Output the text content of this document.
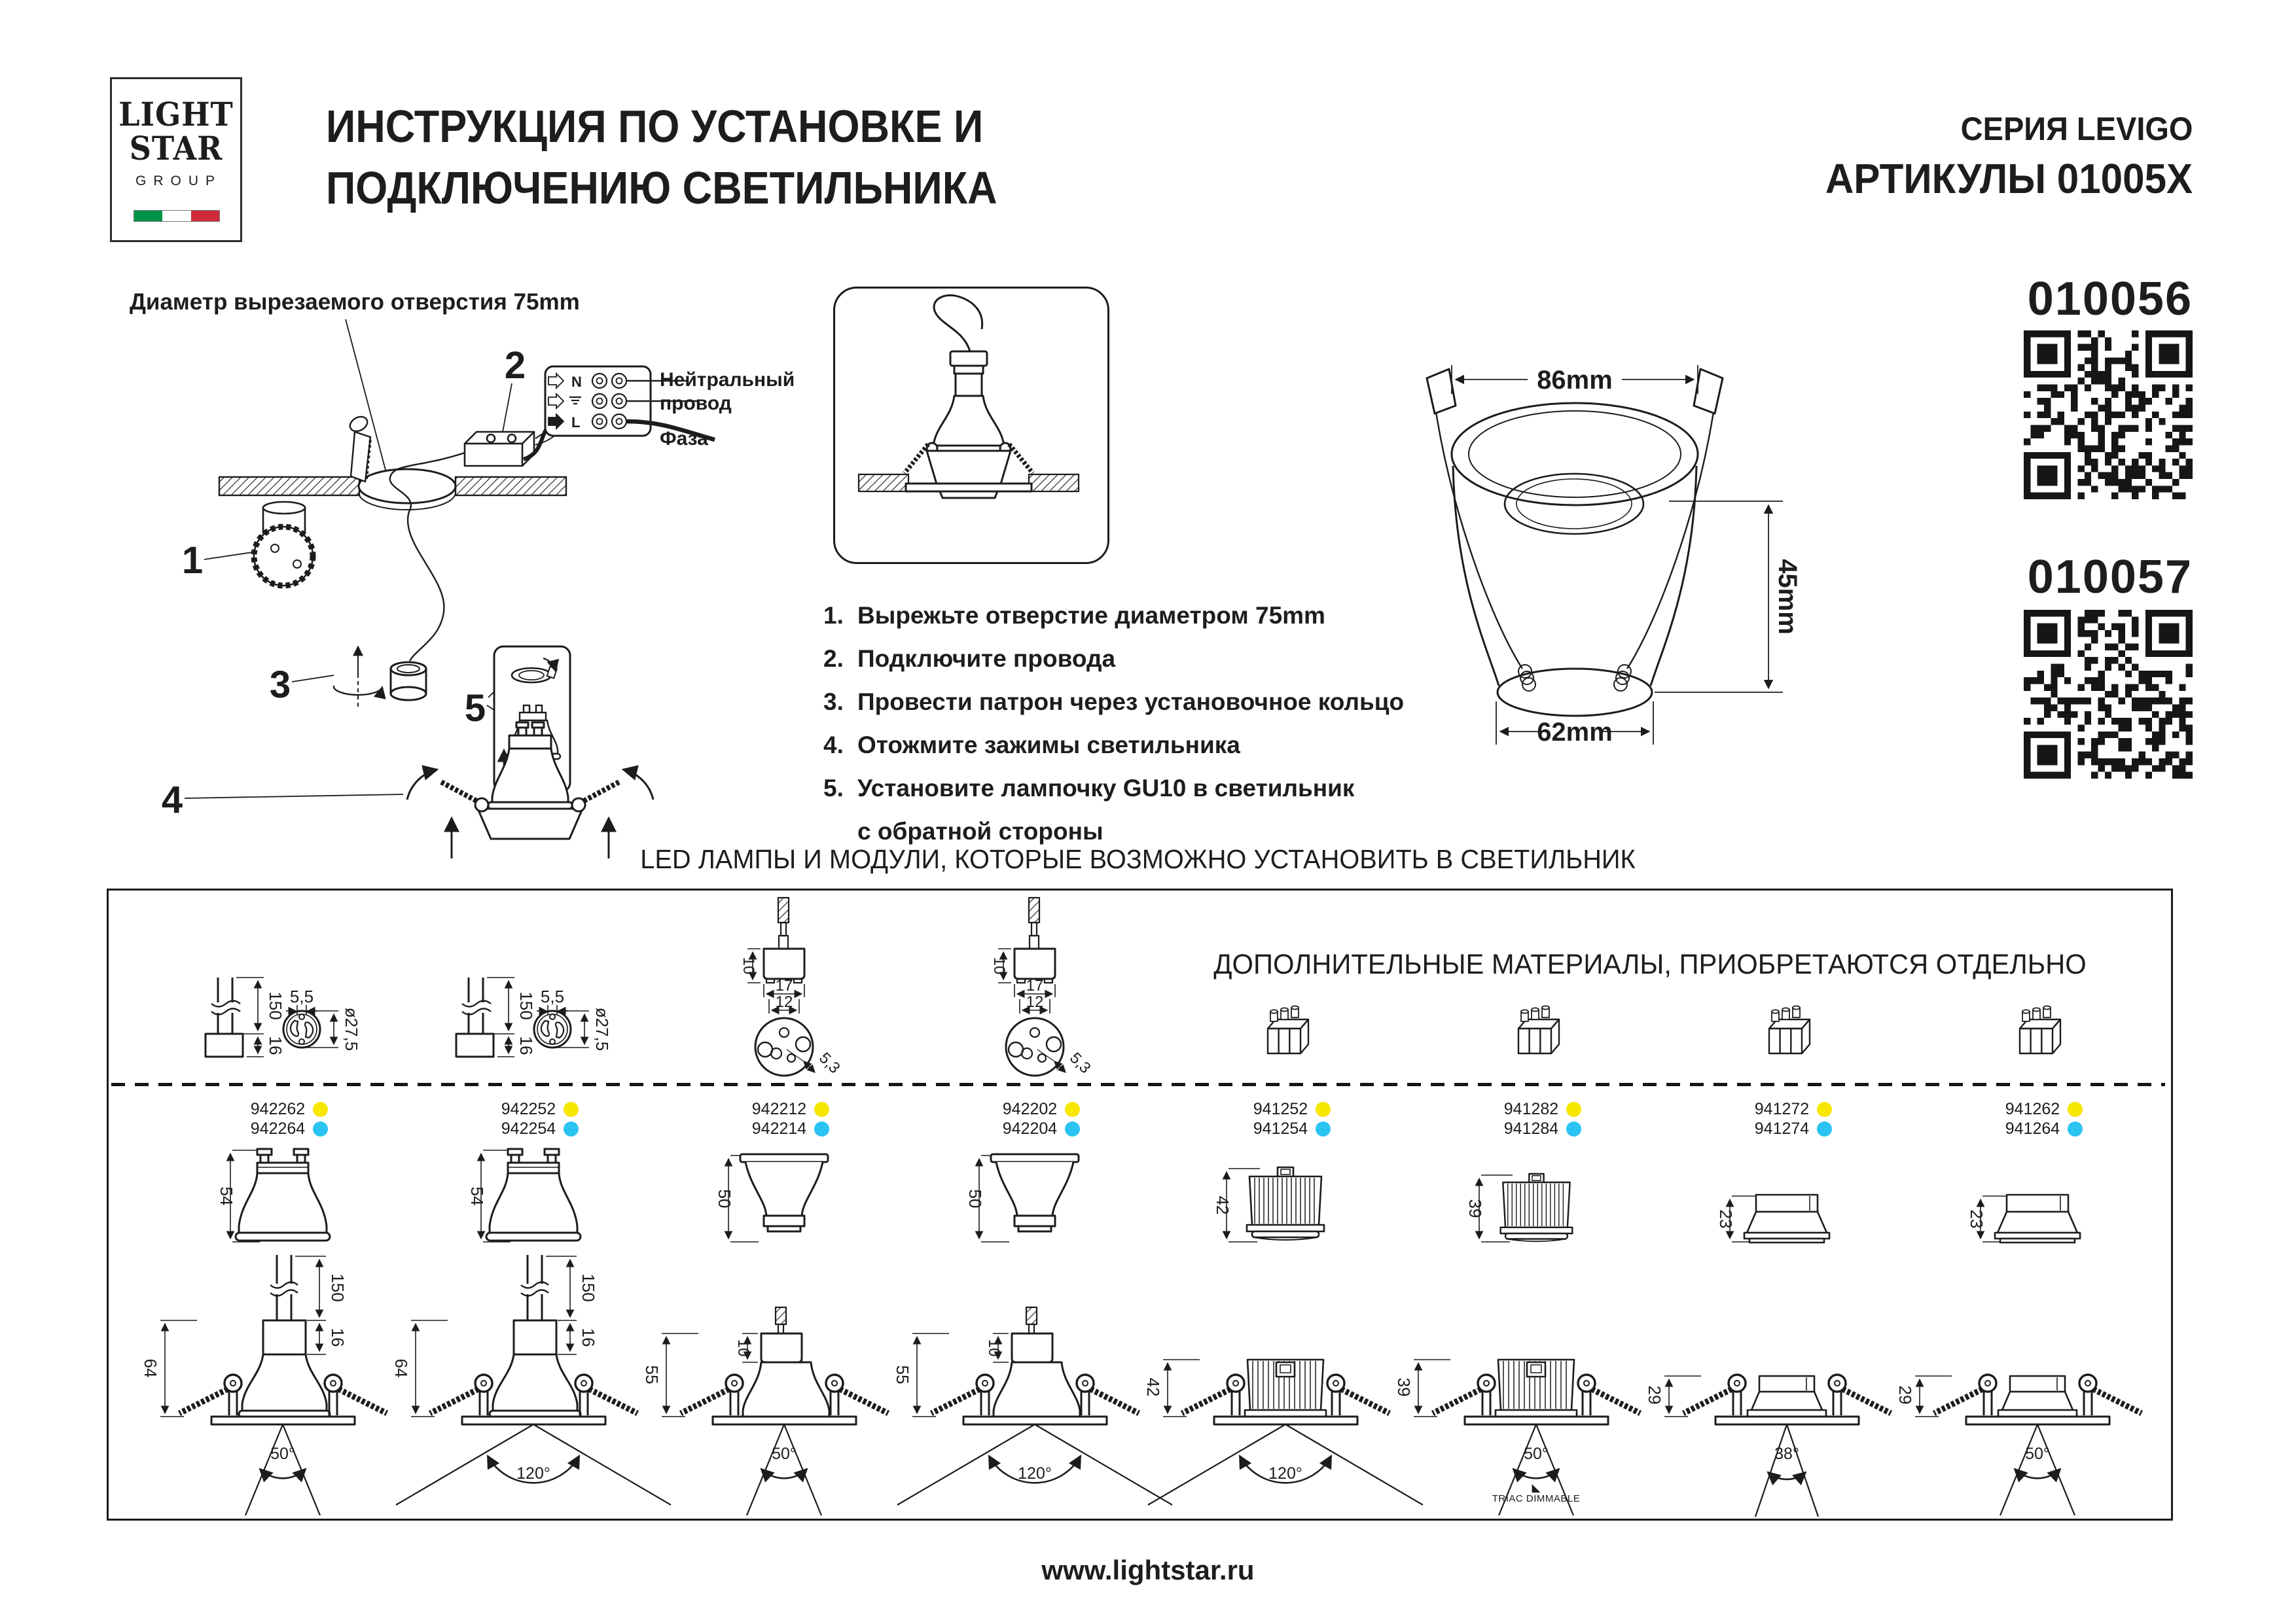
150
16
5,5
ø27,5
10
17
12
5,3
150
16
10
LIGHT
STAR
GROUP
ИНСТРУКЦИЯ ПО УСТАНОВКЕ И
ПОДКЛЮЧЕНИЮ СВЕТИЛЬНИКА
СЕРИЯ LEVIGO
АРТИКУЛЫ 01005X
010056
010057
Диаметр вырезаемого отверстия 75mm
2	N
L
Нейтральный
провод
Фаза
1
3
5
4
1. Вырежьте отверстие диаметром 75mm
2. Подключите провода
3. Провести патрон через установочное кольцо
4. Отожмите зажимы светильника
5. Установите лампочку GU10 в светильник
с обратной стороны
86mm
45mm
62mm
LED ЛАМПЫ И МОДУЛИ, КОТОРЫЕ ВОЗМОЖНО УСТАНОВИТЬ В СВЕТИЛЬНИК
ДОПОЛНИТЕЛЬНЫЕ МАТЕРИАЛЫ, ПРИОБРЕТАЮТСЯ ОТДЕЛЬНО
54
64
942262
942264
50°
54
64
942252
942254
120°
50
55
942212
942214
50°
50
55
942202
942204
120°
42
42
941252
941254
120°
39
39
941282
941284
50°
◣
TRIAC DIMMABLE
23
29
941272
941274
38°
23
29
941262
941264
50°
www.lightstar.ru
